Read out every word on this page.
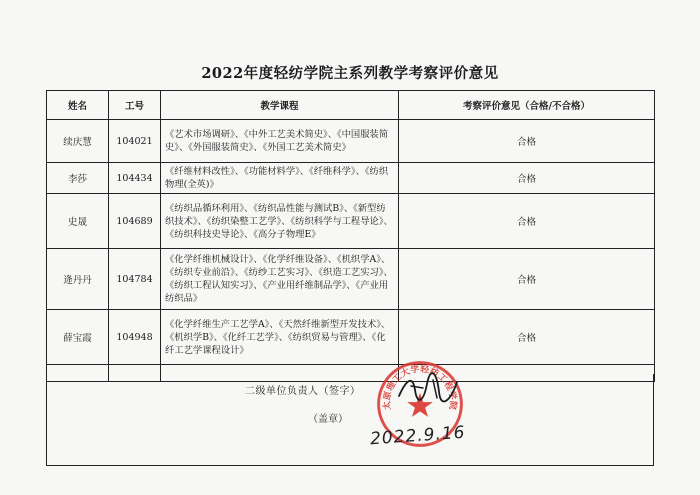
2022年度轻纺学院主系列教学考察评价意见
姓名	工号	教学课程	考察评价意见（合格/不合格）
续庆慧	104021	《艺术市场调研》、《中外工艺美术简史》、《中国服装简史》、《外国服装简史》、《外国工艺美术简史》	合格
李莎	104434	《纤维材料改性》、《功能材料学》、《纤维科学》、《纺织物理(全英)》	合格
史晟	104689	《纺织品循环利用》、《纺织品性能与测试B》、《新型纺织技术》、《纺织染整工艺学》、《纺织科学与工程导论》、《纺织科技史导论》、《高分子物理E》	合格
逄丹丹	104784	《化学纤维机械设计》、《化学纤维设备》、《机织学A》、《纺织专业前沿》、《纺纱工艺实习》、《织造工艺实习》、《纺织工程认知实习》、《产业用纤维制品学》、《产业用纺织品》	合格
薛宝霞	104948	《化学纤维生产工艺学A》、《天然纤维新型开发技术》、《机织学B》、《化纤工艺学》、《纺织贸易与管理》、《化纤工艺学课程设计》	合格

二级单位负责人（签字）
（盖章）
太原理工大学轻纺工程学院
2022.9.16
